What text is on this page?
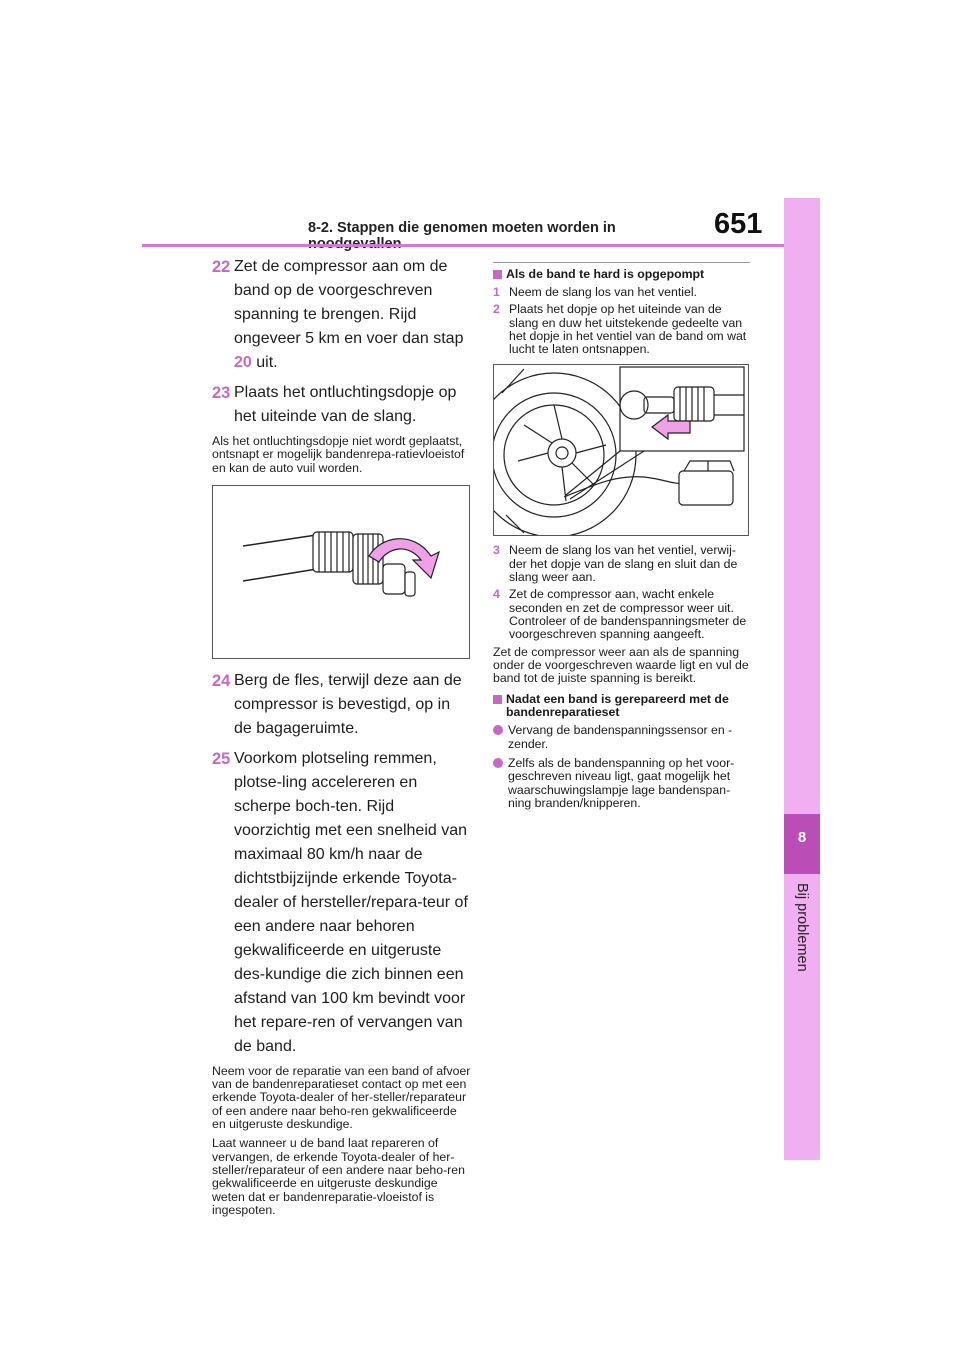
8-2. Stappen die genomen moeten worden in	651
8
Bij problemen
22 Zet de compressor aan om de band op de voorgeschreven spanning te brengen. Rijd ongeveer 5 km en voer dan stap 20 uit.
23 Plaats het ontluchtingsdopje op het uiteinde van de slang.

Als het ontluchtingsdopje niet wordt geplaatst, ontsnapt er mogelijk bandenrepa-ratievloeistof en kan de auto vuil worden.

24 Berg de fles, terwijl deze aan de compressor is bevestigd, op in de bagageruimte.
25 Voorkom plotseling remmen, plotse-ling accelereren en scherpe boch-ten. Rijd voorzichtig met een snelheid van maximaal 80 km/h naar de dichtstbijzijnde erkende Toyota-dealer of hersteller/repara-teur of een andere naar behoren gekwalificeerde en uitgeruste des-kundige die zich binnen een afstand van 100 km bevindt voor het repare-ren of vervangen van de band.

Neem voor de reparatie van een band of afvoer van de bandenreparatieset contact op met een erkende Toyota-dealer of her-steller/reparateur of een andere naar beho-ren gekwalificeerde en uitgeruste deskundige.

Laat wanneer u de band laat repareren of vervangen, de erkende Toyota-dealer of her-steller/reparateur of een andere naar beho-ren gekwalificeerde en uitgeruste deskundige weten dat er bandenreparatie-vloeistof is ingespoten.

Als de band te hard is opgepompt
1 Neem de slang los van het ventiel.
2 Plaats het dopje op het uiteinde van de slang en duw het uitstekende gedeelte van het dopje in het ventiel van de band om wat lucht te laten ontsnappen.
3 Neem de slang los van het ventiel, verwij-der het dopje van de slang en sluit dan de slang weer aan.
4 Zet de compressor aan, wacht enkele seconden en zet de compressor weer uit. Controleer of de bandenspanningsmeter de voorgeschreven spanning aangeeft.

Zet de compressor weer aan als de spanning onder de voorgeschreven waarde ligt en vul de band tot de juiste spanning is bereikt.

Nadat een band is gerepareerd met de bandenreparatieset
Vervang de bandenspanningssensor en -zender.
Zelfs als de bandenspanning op het voor-geschreven niveau ligt, gaat mogelijk het waarschuwingslampje lage bandenspan-ning branden/knipperen.
